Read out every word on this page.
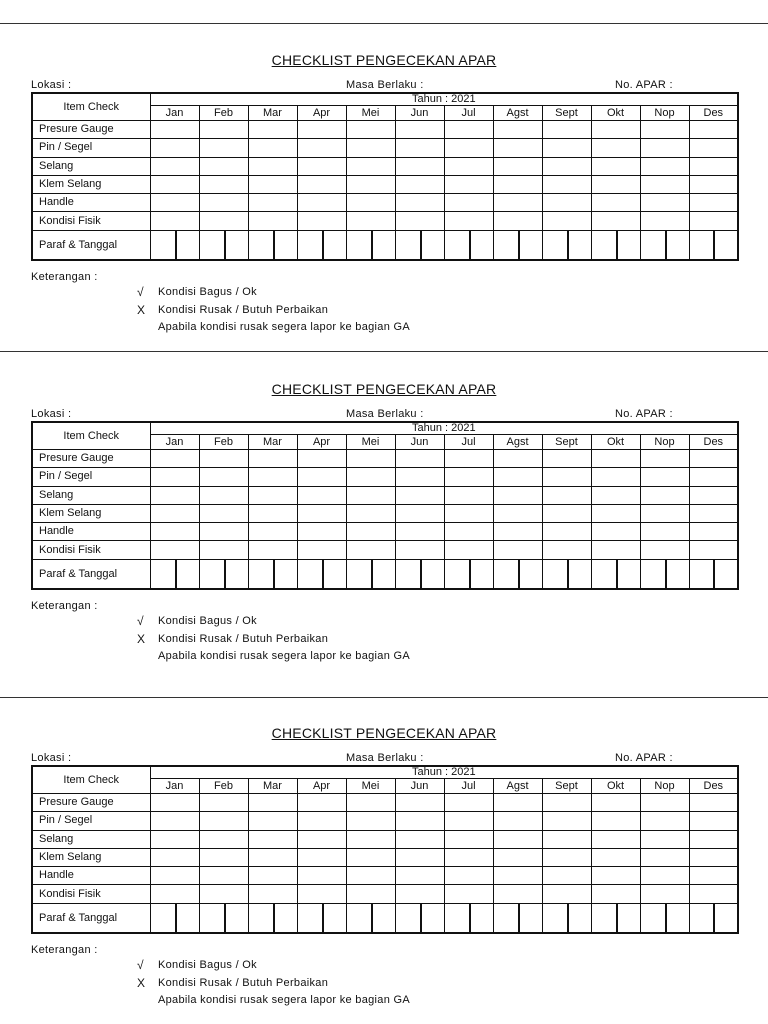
CHECKLIST PENGECEKAN APAR
Lokasi :	Masa Berlaku :	No. APAR :
Item Check	Tahun : 2021											
	Jan	Feb	Mar	Apr	Mei	Jun	Jul	Agst	Sept	Okt	Nop	Des
Presure Gauge												
Pin / Segel												
Selang												
Klem Selang												
Handle												
Kondisi Fisik												
Paraf & Tanggal	

Keterangan :
√ Kondisi Bagus / Ok
X Kondisi Rusak / Butuh Perbaikan
Apabila kondisi rusak segera lapor ke bagian GA
CHECKLIST PENGECEKAN APAR
Lokasi :	Masa Berlaku :	No. APAR :
Item Check	Tahun : 2021											
	Jan	Feb	Mar	Apr	Mei	Jun	Jul	Agst	Sept	Okt	Nop	Des
Presure Gauge												
Pin / Segel												
Selang												
Klem Selang												
Handle												
Kondisi Fisik												
Paraf & Tanggal	

Keterangan :
√ Kondisi Bagus / Ok
X Kondisi Rusak / Butuh Perbaikan
Apabila kondisi rusak segera lapor ke bagian GA
CHECKLIST PENGECEKAN APAR
Lokasi :	Masa Berlaku :	No. APAR :
Item Check	Tahun : 2021											
	Jan	Feb	Mar	Apr	Mei	Jun	Jul	Agst	Sept	Okt	Nop	Des
Presure Gauge												
Pin / Segel												
Selang												
Klem Selang												
Handle												
Kondisi Fisik												
Paraf & Tanggal	

Keterangan :
√ Kondisi Bagus / Ok
X Kondisi Rusak / Butuh Perbaikan
Apabila kondisi rusak segera lapor ke bagian GA
